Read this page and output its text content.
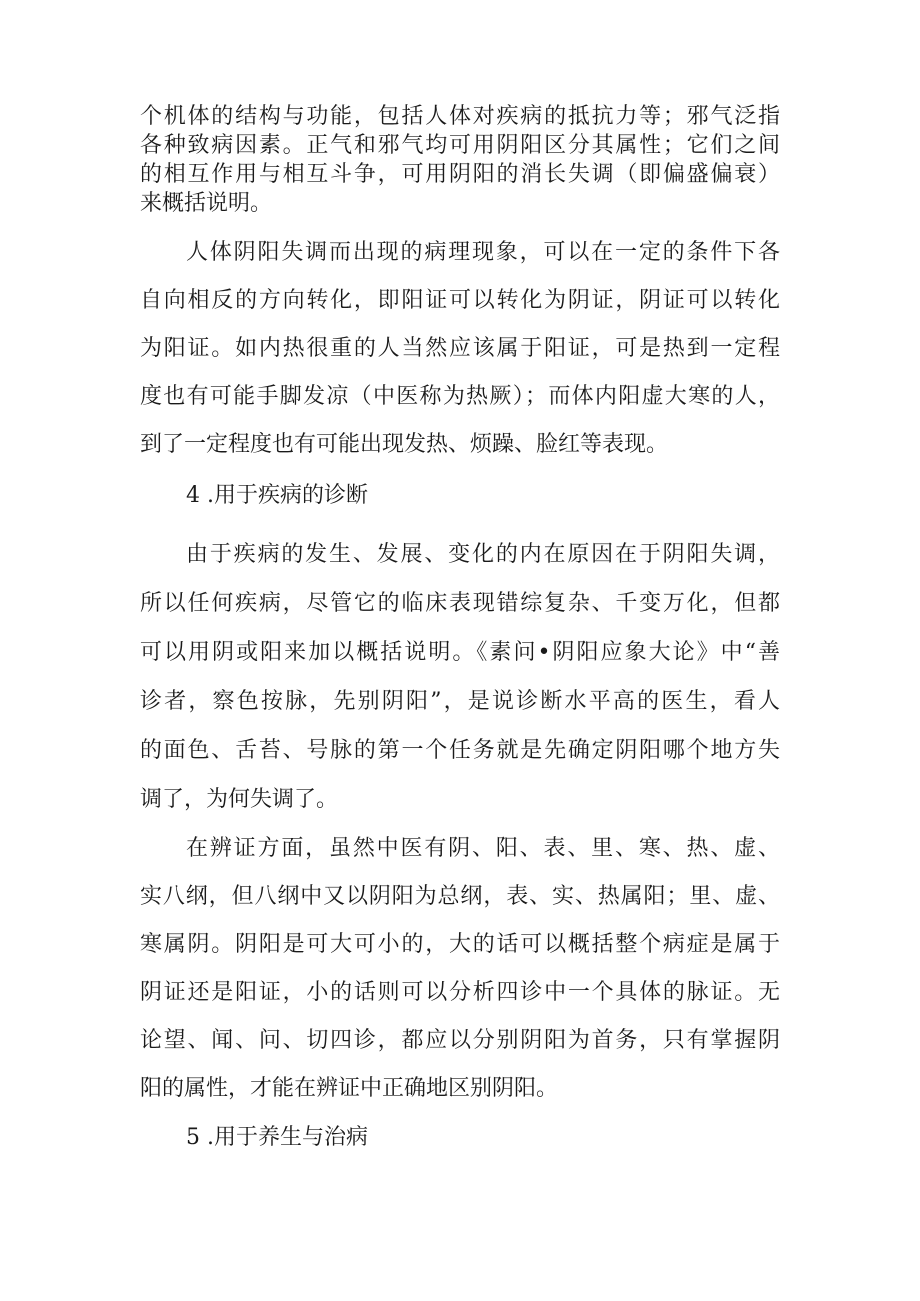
个机体的结构与功能，包括人体对疾病的抵抗力等；邪气泛指
各种致病因素。正气和邪气均可用阴阳区分其属性；它们之间
的相互作用与相互斗争，可用阴阳的消长失调（即偏盛偏衰）
来概括说明。
人体阴阳失调而出现的病理现象，可以在一定的条件下各
自向相反的方向转化，即阳证可以转化为阴证，阴证可以转化
为阳证。如内热很重的人当然应该属于阳证，可是热到一定程
度也有可能手脚发凉（中医称为热厥）；而体内阳虚大寒的人，
到了一定程度也有可能出现发热、烦躁、脸红等表现。
4 .用于疾病的诊断
由于疾病的发生、发展、变化的内在原因在于阴阳失调，
所以任何疾病，尽管它的临床表现错综复杂、千变万化，但都
可以用阴或阳来加以概括说明。《素问•阴阳应象大论》中“善
诊者，察色按脉，先别阴阳”，是说诊断水平高的医生，看人
的面色、舌苔、号脉的第一个任务就是先确定阴阳哪个地方失
调了，为何失调了。
在辨证方面，虽然中医有阴、阳、表、里、寒、热、虚、
实八纲，但八纲中又以阴阳为总纲，表、实、热属阳；里、虚、
寒属阴。阴阳是可大可小的，大的话可以概括整个病症是属于
阴证还是阳证，小的话则可以分析四诊中一个具体的脉证。无
论望、闻、问、切四诊，都应以分别阴阳为首务，只有掌握阴
阳的属性，才能在辨证中正确地区别阴阳。
5 .用于养生与治病
